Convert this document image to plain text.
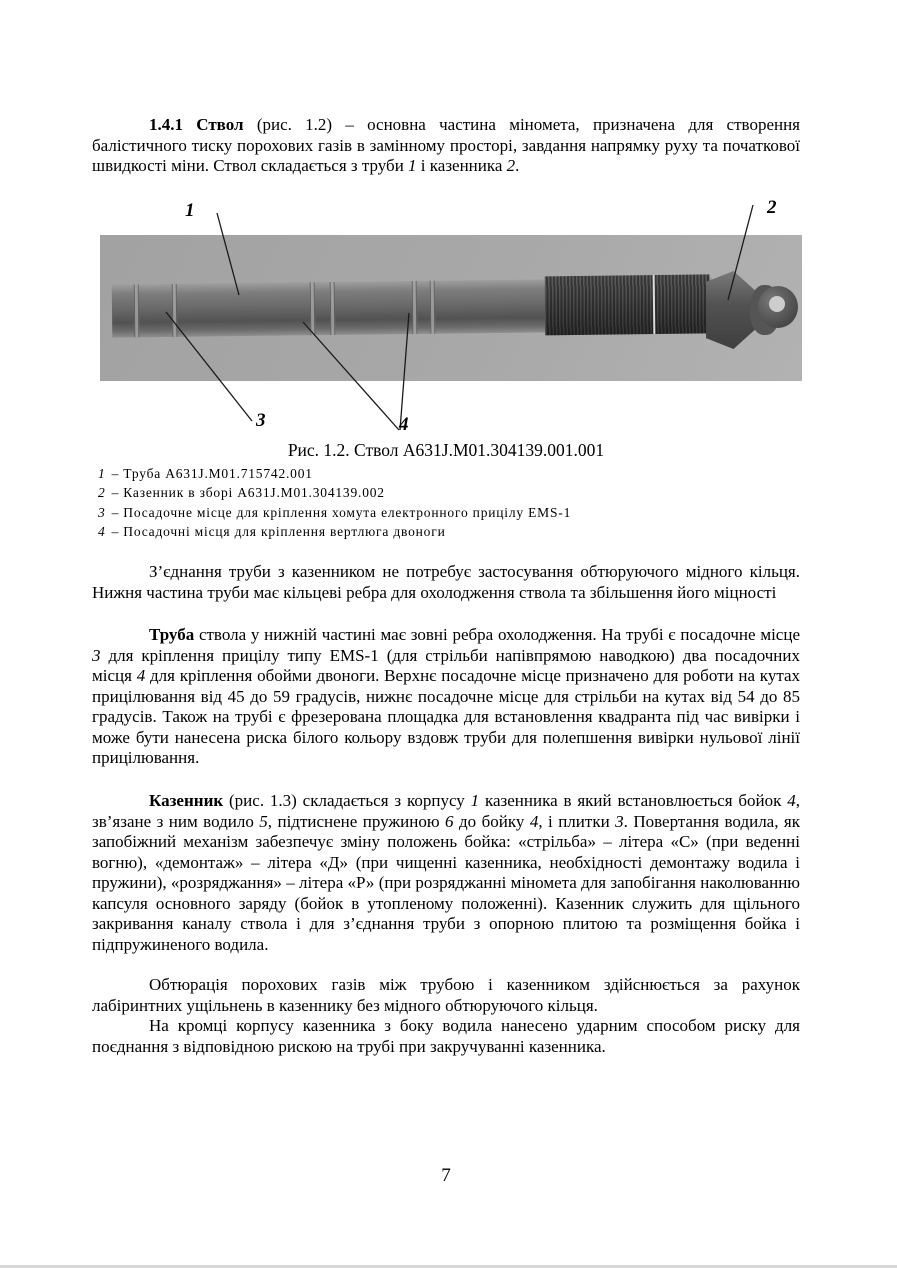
1.4.1 Ствол (рис. 1.2) – основна частина міномета, призначена для створення балістичного тиску порохових газів в замінному просторі, завдання напрямку руху та початкової швидкості міни. Ствол складається з труби 1 і казенника 2.

1	2
3	4

Рис. 1.2. Ствол А631J.М01.304139.001.001

1 – Труба А631J.М01.715742.001
2 – Казенник в зборі А631J.М01.304139.002
3 – Посадочне місце для кріплення хомута електронного прицілу EMS-1
4 – Посадочні місця для кріплення вертлюга двоноги

З’єднання труби з казенником не потребує застосування обтюруючого мідного кільця. Нижня частина труби має кільцеві ребра для охолодження ствола та збільшення його міцності

Труба ствола у нижній частині має зовні ребра охолодження. На трубі є посадочне місце 3 для кріплення прицілу типу EMS-1 (для стрільби напівпрямою наводкою) два посадочних місця 4 для кріплення обойми двоноги. Верхнє посадочне місце призначено для роботи на кутах прицілювання від 45 до 59 градусів, нижнє посадочне місце для стрільби на кутах від 54 до 85 градусів. Також на трубі є фрезерована площадка для встановлення квадранта під час вивірки і може бути нанесена риска білого кольору вздовж труби для полепшення вивірки нульової лінії прицілювання.

Казенник (рис. 1.3) складається з корпусу 1 казенника в який встановлюється бойок 4, зв’язане з ним водило 5, підтиснене пружиною 6 до бойку 4, і плитки 3. Повертання водила, як запобіжний механізм забезпечує зміну положень бойка: «стрільба» – літера «С» (при веденні вогню), «демонтаж» – літера «Д» (при чищенні казенника, необхідності демонтажу водила і пружини), «розряджання» – літера «Р» (при розряджанні міномета для запобігання наколюванню капсуля основного заряду (бойок в утопленому положенні). Казенник служить для щільного закривання каналу ствола і для з’єднання труби з опорною плитою та розміщення бойка і підпружиненого водила.

Обтюрація порохових газів між трубою і казенником здійснюється за рахунок лабіринтних ущільнень в казеннику без мідного обтюруючого кільця.

На кромці корпусу казенника з боку водила нанесено ударним способом риску для поєднання з відповідною рискою на трубі при закручуванні казенника.

7
